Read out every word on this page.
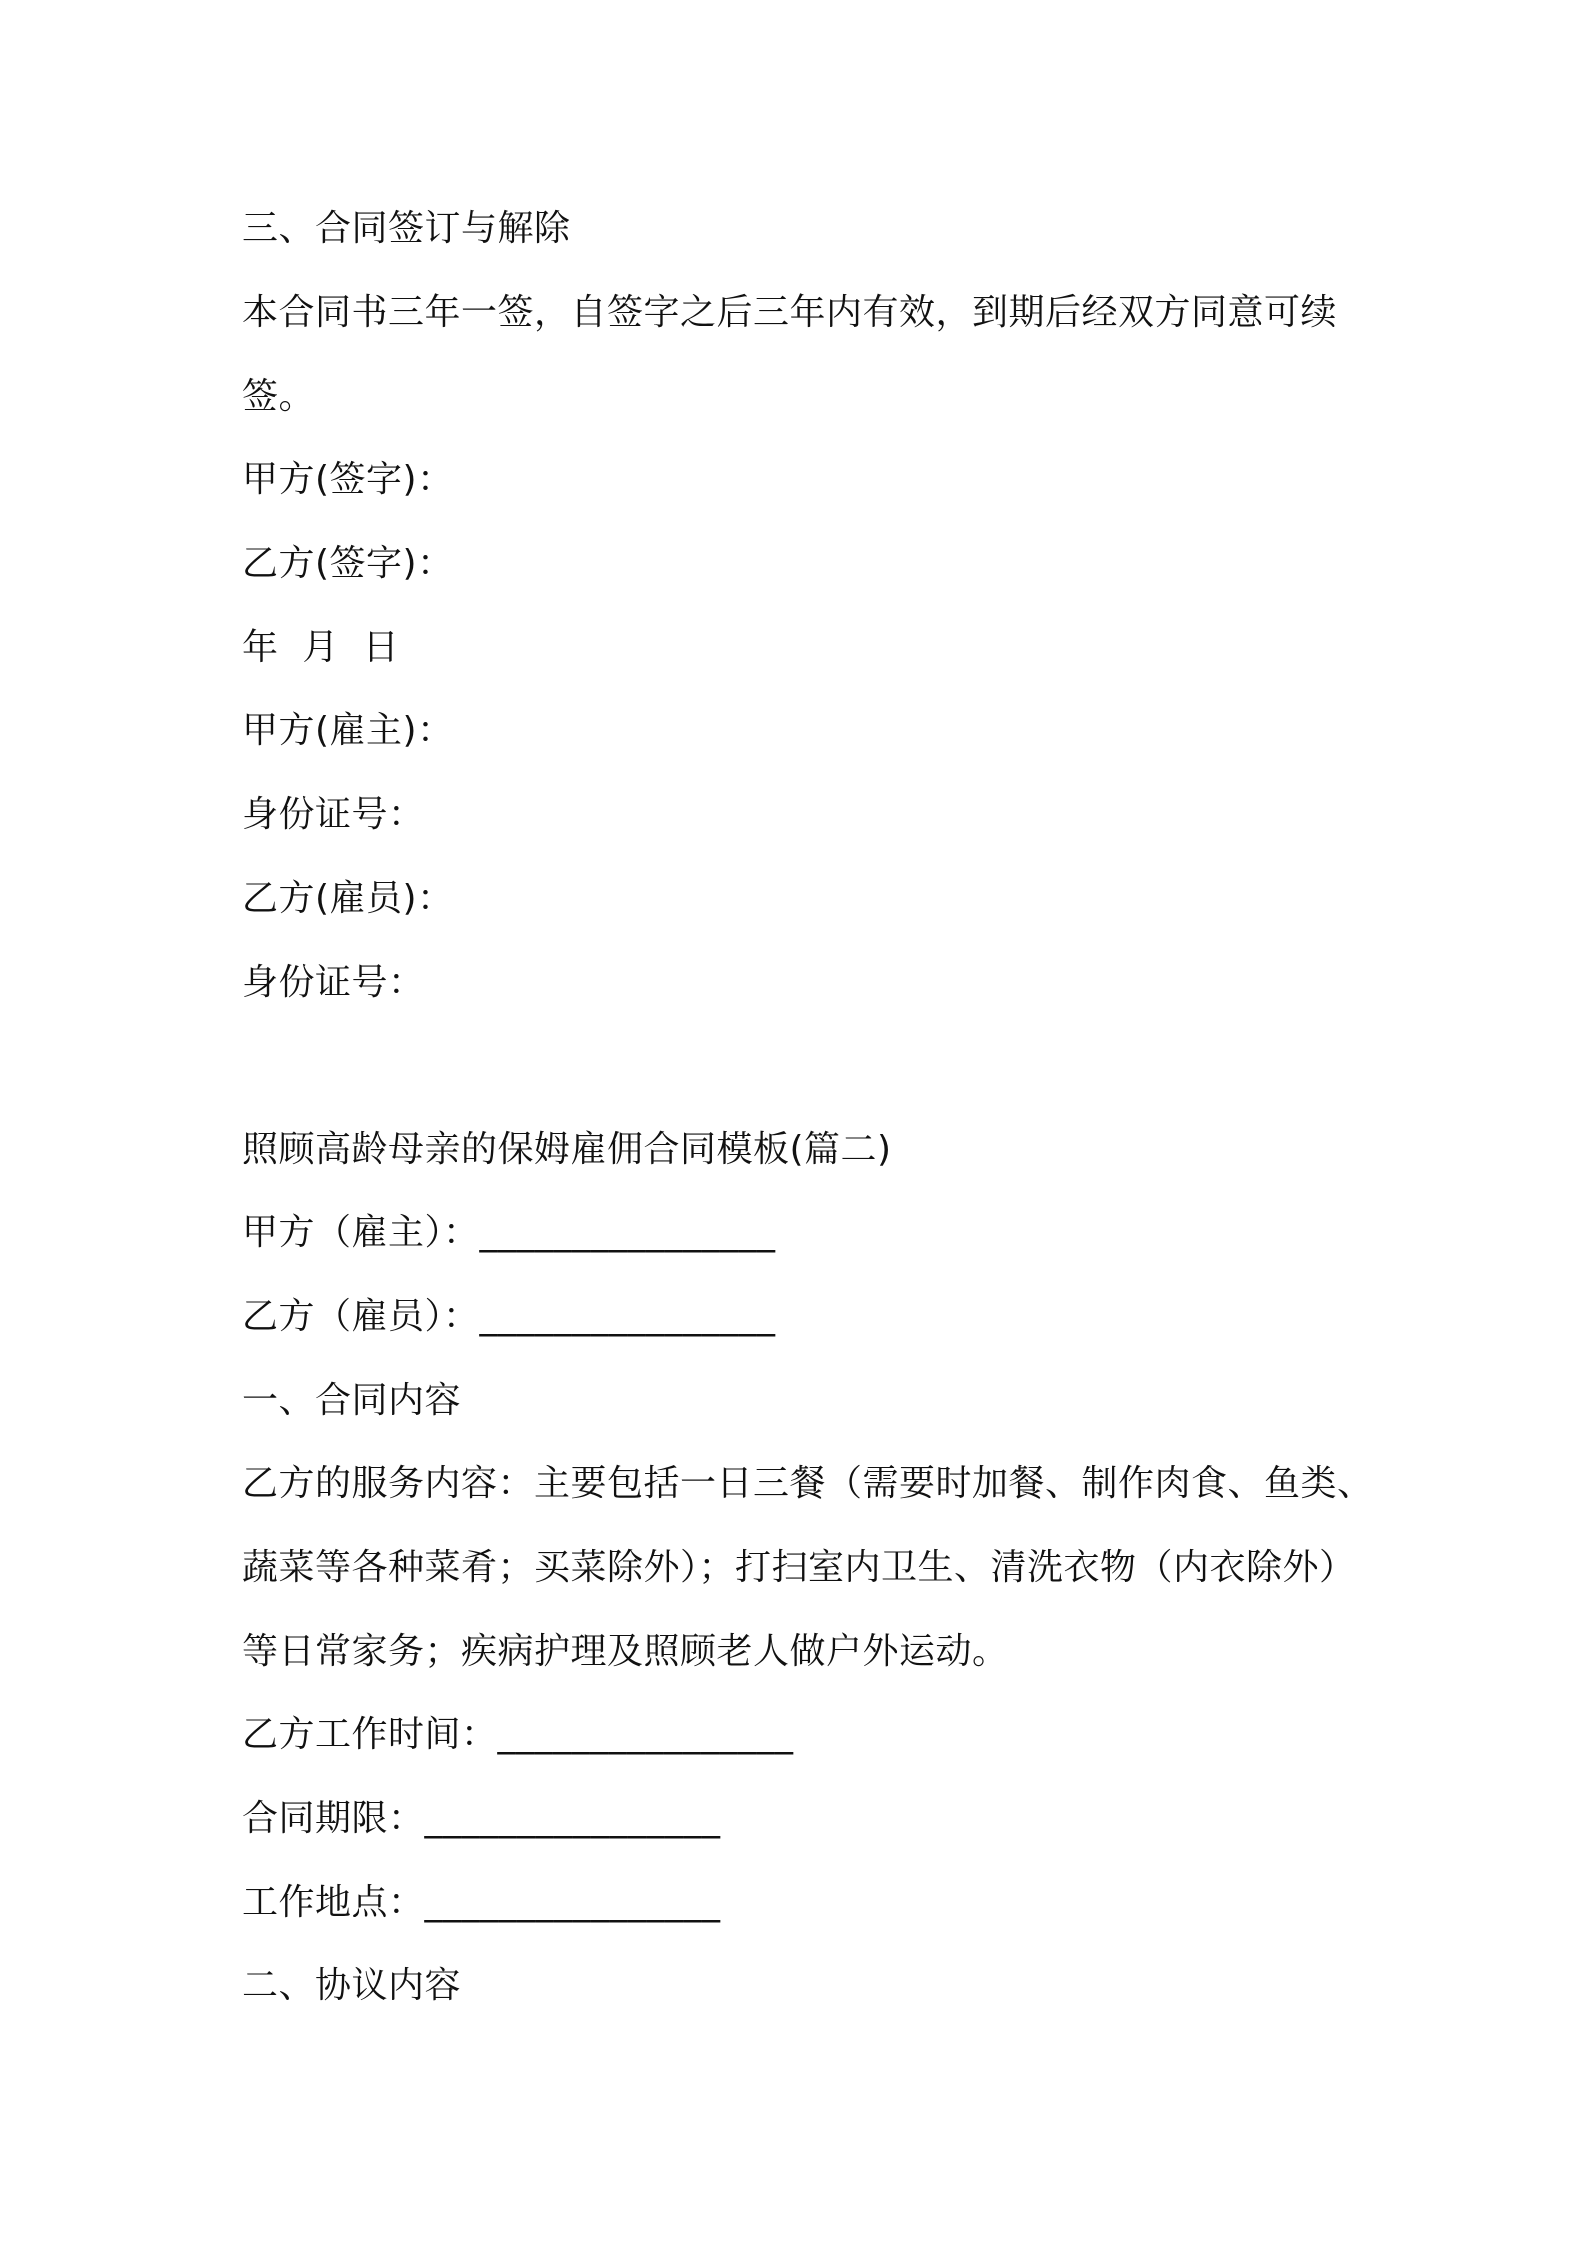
三、合同签订与解除
本合同书三年一签，自签字之后三年内有效，到期后经双方同意可续
签。
甲方(签字)：
乙方(签字)：
年  月  日
甲方(雇主)：
身份证号：
乙方(雇员)：
身份证号：
照顾高龄母亲的保姆雇佣合同模板(篇二)
甲方（雇主）：________________
乙方（雇员）：________________
一、合同内容
乙方的服务内容：主要包括一日三餐（需要时加餐、制作肉食、鱼类、
蔬菜等各种菜肴；买菜除外）；打扫室内卫生、清洗衣物（内衣除外）
等日常家务；疾病护理及照顾老人做户外运动。
乙方工作时间：________________
合同期限：________________
工作地点：________________
二、协议内容
